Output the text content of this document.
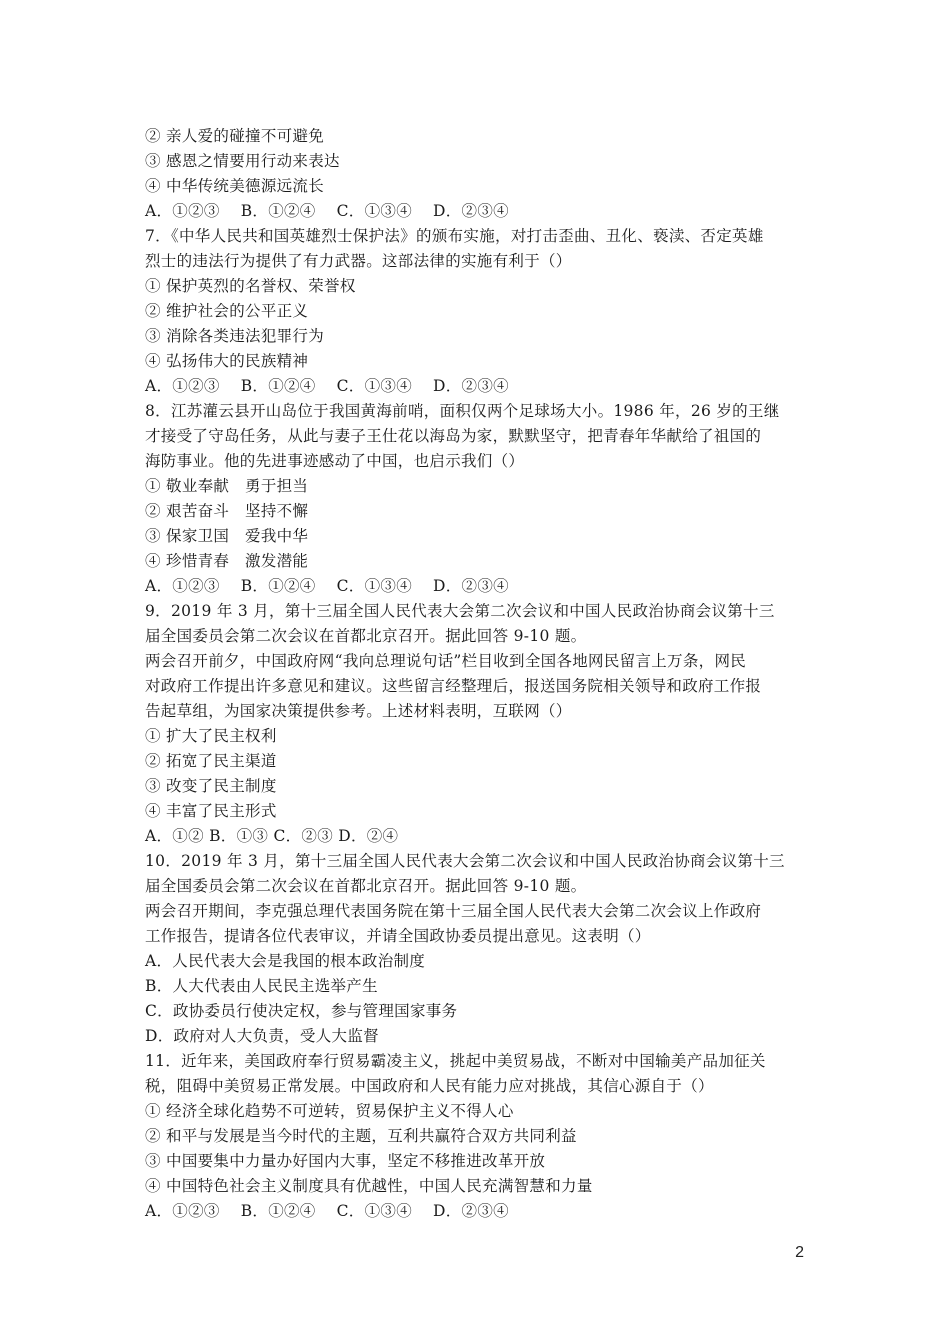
② 亲人爱的碰撞不可避免
③ 感恩之情要用行动来表达
④ 中华传统美德源远流长
A．①②③　 B．①②④　 C．①③④　 D．②③④
7．《中华人民共和国英雄烈士保护法》的颁布实施，对打击歪曲、丑化、亵渎、否定英雄
烈士的违法行为提供了有力武器。这部法律的实施有利于（）
① 保护英烈的名誉权、荣誉权
② 维护社会的公平正义
③ 消除各类违法犯罪行为
④ 弘扬伟大的民族精神
A．①②③　 B．①②④　 C．①③④　 D．②③④
8．江苏灌云县开山岛位于我国黄海前哨，面积仅两个足球场大小。1986 年，26 岁的王继
才接受了守岛任务，从此与妻子王仕花以海岛为家，默默坚守，把青春年华献给了祖国的
海防事业。他的先进事迹感动了中国，也启示我们（）
① 敬业奉献　勇于担当
② 艰苦奋斗　坚持不懈
③ 保家卫国　爱我中华
④ 珍惜青春　激发潜能
A．①②③　 B．①②④　 C．①③④　 D．②③④
9．2019 年 3 月，第十三届全国人民代表大会第二次会议和中国人民政治协商会议第十三
届全国委员会第二次会议在首都北京召开。据此回答 9-10 题。
两会召开前夕，中国政府网“我向总理说句话”栏目收到全国各地网民留言上万条，网民
对政府工作提出许多意见和建议。这些留言经整理后，报送国务院相关领导和政府工作报
告起草组，为国家决策提供参考。上述材料表明，互联网（）
① 扩大了民主权利
② 拓宽了民主渠道
③ 改变了民主制度
④ 丰富了民主形式
A．①② B．①③ C．②③ D．②④
10．2019 年 3 月，第十三届全国人民代表大会第二次会议和中国人民政治协商会议第十三
届全国委员会第二次会议在首都北京召开。据此回答 9-10 题。
两会召开期间，李克强总理代表国务院在第十三届全国人民代表大会第二次会议上作政府
工作报告，提请各位代表审议，并请全国政协委员提出意见。这表明（）
A．人民代表大会是我国的根本政治制度
B．人大代表由人民民主选举产生
C．政协委员行使决定权，参与管理国家事务
D．政府对人大负责，受人大监督
11．近年来，美国政府奉行贸易霸凌主义，挑起中美贸易战，不断对中国输美产品加征关
税，阻碍中美贸易正常发展。中国政府和人民有能力应对挑战，其信心源自于（）
① 经济全球化趋势不可逆转，贸易保护主义不得人心
② 和平与发展是当今时代的主题，互利共赢符合双方共同利益
③ 中国要集中力量办好国内大事，坚定不移推进改革开放
④ 中国特色社会主义制度具有优越性，中国人民充满智慧和力量
A．①②③　 B．①②④　 C．①③④　 D．②③④
2
